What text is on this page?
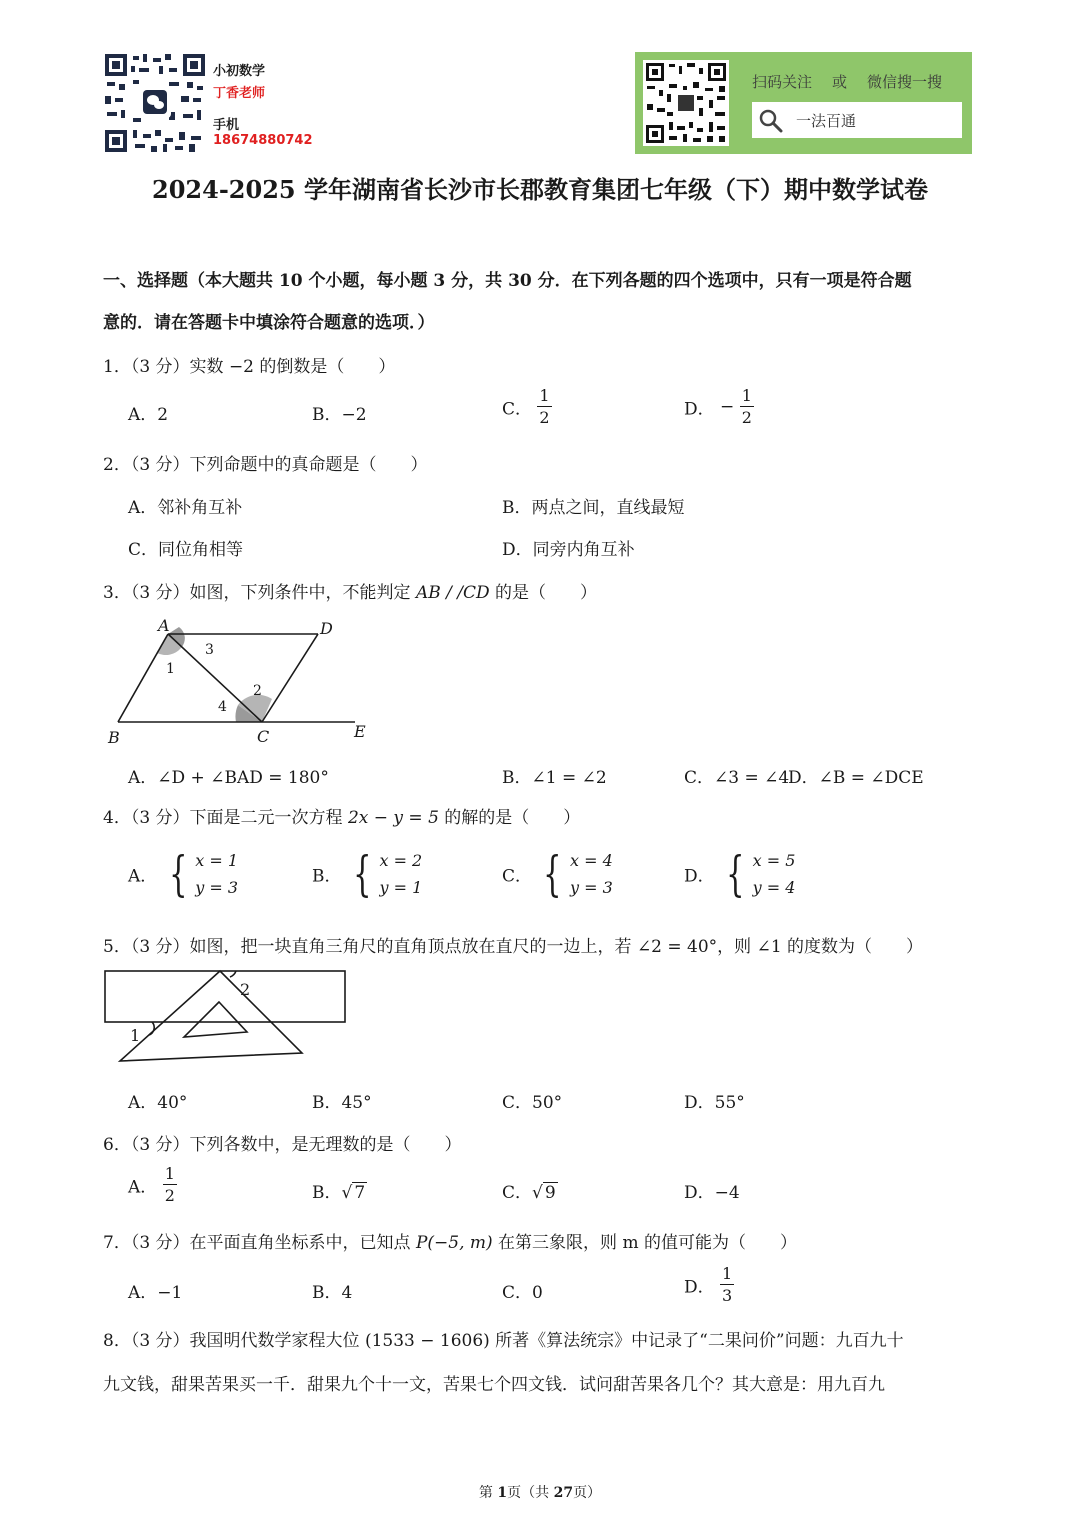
小初数学
丁香老师
手机
18674880742
扫码关注 或 微信搜一搜
一法百通
2024-2025 学年湖南省长沙市长郡教育集团七年级（下）期中数学试卷
一、选择题（本大题共 10 个小题，每小题 3 分，共 30 分．在下列各题的四个选项中，只有一项是符合题
意的．请在答题卡中填涂符合题意的选项．）
1．（3 分）实数 −2 的倒数是（　　）
A．2	B．−2	C． $\frac{1}{2}$	D． − $\frac{1}{2}$
2．（3 分）下列命题中的真命题是（　　）
A．邻补角互补	B．两点之间，直线最短
C．同位角相等	D．同旁内角互补
3．（3 分）如图，下列条件中，不能判定 AB / /CD 的是（　　）
A	D
B	C	E
1
3
2
4
A．∠D + ∠BAD = 180°	B．∠1 = ∠2	C．∠3 = ∠4
D．∠B = ∠DCE
4．（3 分）下面是二元一次方程 2x − y = 5 的解的是（　　）
A． { x = 1
y = 3
B． { x = 2
y = 1
C． { x = 4
y = 3
D． { x = 5
y = 4
5．（3 分）如图，把一块直角三角尺的直角顶点放在直尺的一边上，若 ∠2 = 40°，则 ∠1 的度数为（　　）
2
1
A．40°	B．45°	C．50°	D．55°
6．（3 分）下列各数中，是无理数的是（　　）
A． $\frac{1}{2}$	B．√ 7	C．√ 9	D．−4
7．（3 分）在平面直角坐标系中，已知点 P(−5, m) 在第三象限，则 m 的值可能为（　　）
A．−1	B．4	C．0	D． $\frac{1}{3}$
8．（3 分）我国明代数学家程大位 (1533 − 1606) 所著《算法统宗》中记录了“二果问价”问题：九百九十
九文钱，甜果苦果买一千．甜果九个十一文，苦果七个四文钱．试问甜苦果各几个？其大意是：用九百九
第 1页（共 27页）
